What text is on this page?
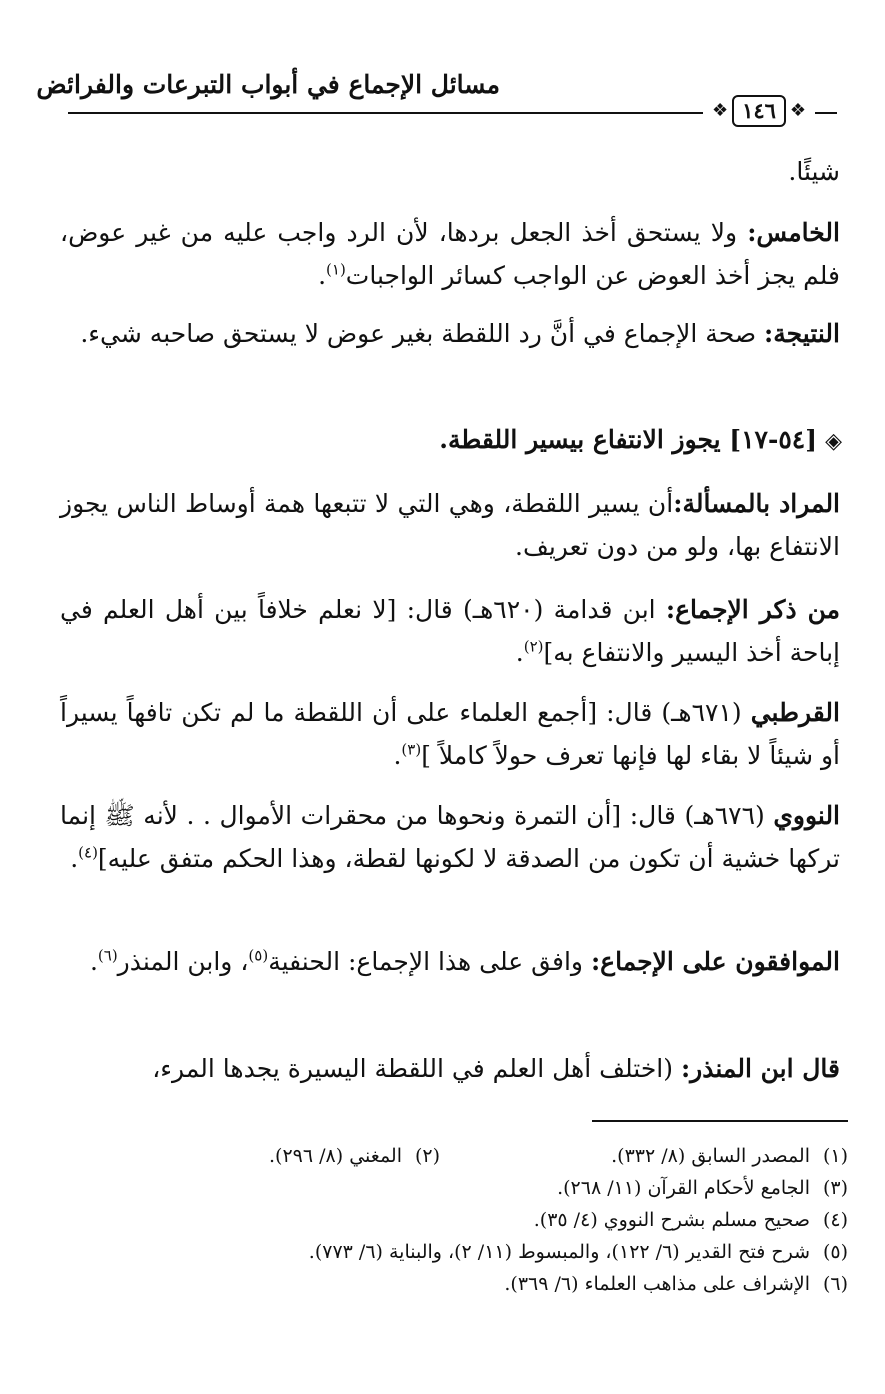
مسائل الإجماع في أبواب التبرعات والفرائض
❖ ١٤٦ ❖
شيئًا.
الخامس: ولا يستحق أخذ الجعل بردها، لأن الرد واجب عليه من غير عوض، فلم يجز أخذ العوض عن الواجب كسائر الواجبات$^{(١)}$.
النتيجة: صحة الإجماع في أنَّ رد اللقطة بغير عوض لا يستحق صاحبه شيء.
◈[٥٤-١٧] يجوز الانتفاع بيسير اللقطة.
المراد بالمسألة:أن يسير اللقطة، وهي التي لا تتبعها همة أوساط الناس يجوز الانتفاع بها، ولو من دون تعريف.
من ذكر الإجماع: ابن قدامة (٦٢٠هـ) قال: [لا نعلم خلافاً بين أهل العلم في إباحة أخذ اليسير والانتفاع به]$^{(٢)}$.
القرطبي (٦٧١هـ) قال: [أجمع العلماء على أن اللقطة ما لم تكن تافهاً يسيراً أو شيئاً لا بقاء لها فإنها تعرف حولاً كاملاً ]$^{(٣)}$.
النووي (٦٧٦هـ) قال: [أن التمرة ونحوها من محقرات الأموال . . لأنه ﷺ إنما تركها خشية أن تكون من الصدقة لا لكونها لقطة، وهذا الحكم متفق عليه]$^{(٤)}$.
الموافقون على الإجماع: وافق على هذا الإجماع: الحنفية$^{(٥)}$، وابن المنذر$^{(٦)}$.
قال ابن المنذر: (اختلف أهل العلم في اللقطة اليسيرة يجدها المرء،
(١)المصدر السابق (٨/ ٣٣٢).
(٢)المغني (٨/ ٢٩٦).
(٣)الجامع لأحكام القرآن (١١/ ٢٦٨).
(٤)صحيح مسلم بشرح النووي (٤/ ٣٥).
(٥)شرح فتح القدير (٦/ ١٢٢)، والمبسوط (١١/ ٢)، والبناية (٦/ ٧٧٣).
(٦)الإشراف على مذاهب العلماء (٦/ ٣٦٩).
